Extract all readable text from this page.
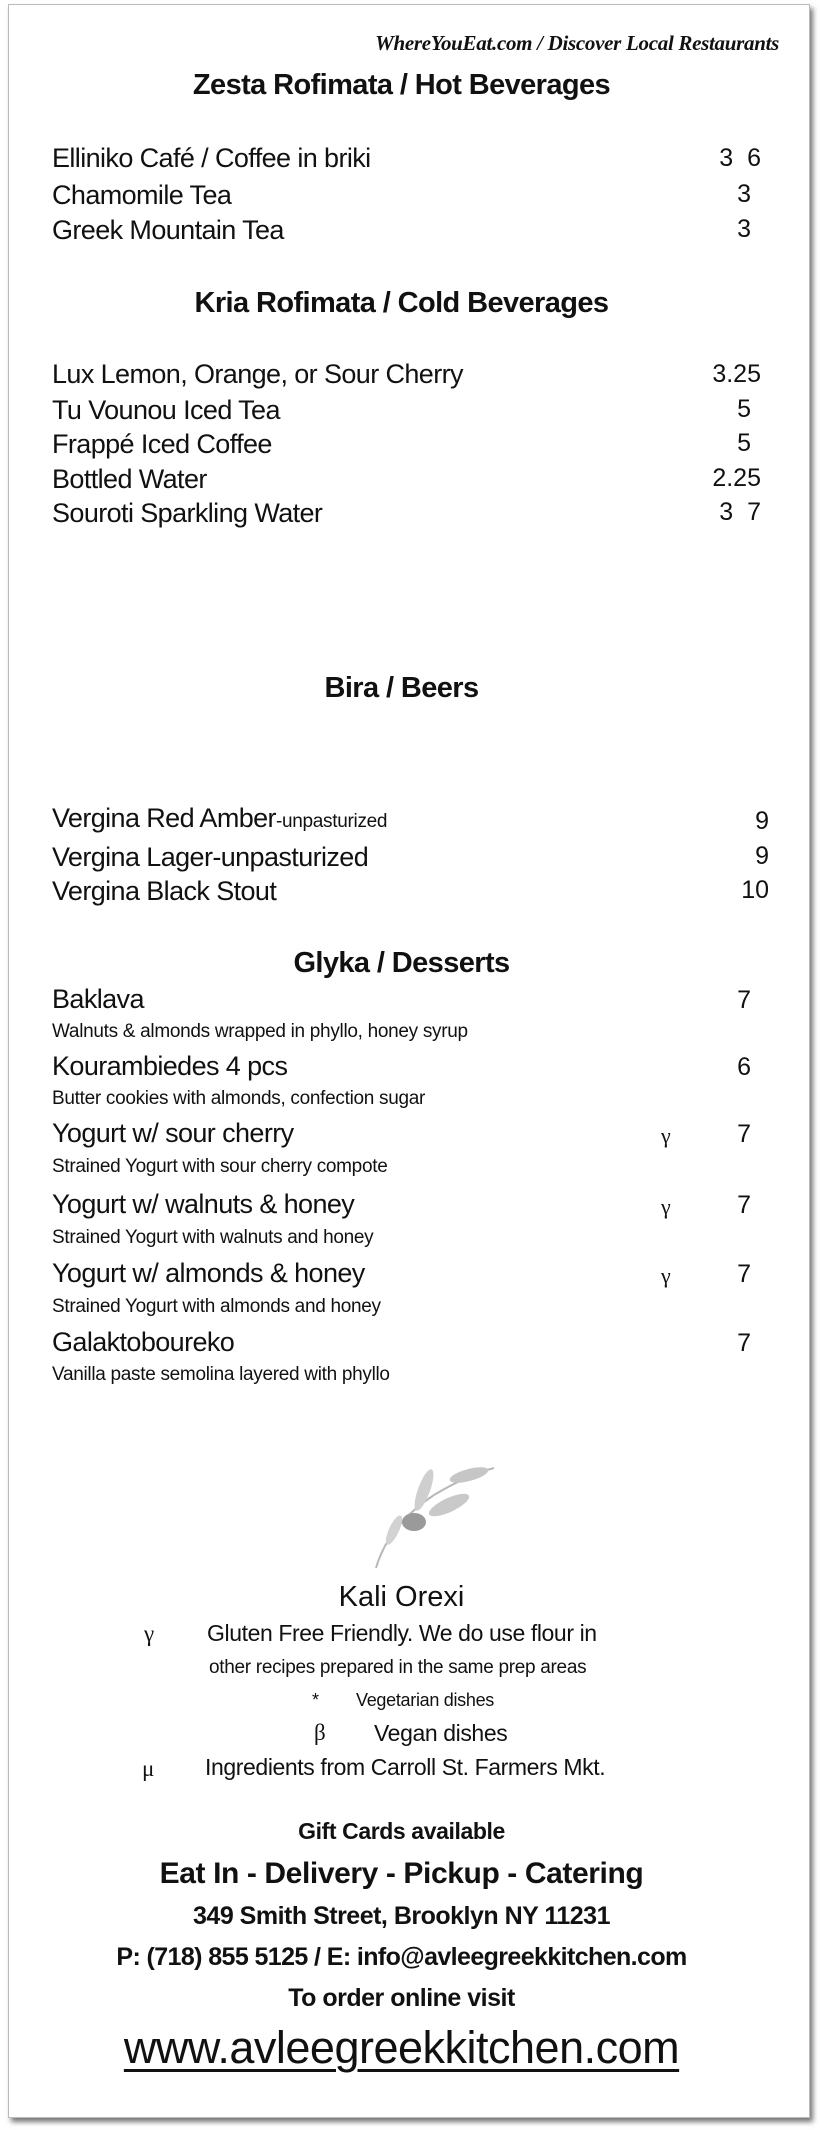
WhereYouEat.com / Discover Local Restaurants
Zesta Rofimata / Hot Beverages
Elliniko Café / Coffee in briki	3  6
Chamomile Tea	3
Greek Mountain Tea	3
Kria Rofimata / Cold Beverages
Lux Lemon, Orange, or Sour Cherry	3.25
Tu Vounou Iced Tea	5
Frappé Iced Coffee	5
Bottled Water	2.25
Souroti Sparkling Water	3  7
Bira / Beers
Vergina Red Amber-unpasturized	9
Vergina Lager-unpasturized	9
Vergina Black Stout	10
Glyka / Desserts
Baklava	7
Walnuts & almonds wrapped in phyllo, honey syrup
Kourambiedes 4 pcs	6
Butter cookies with almonds, confection sugar
Yogurt w/ sour cherry	γ	7
Strained Yogurt with sour cherry compote
Yogurt w/ walnuts & honey	γ	7
Strained Yogurt with walnuts and honey
Yogurt w/ almonds & honey	γ	7
Strained Yogurt with almonds and honey
Galaktoboureko	7
Vanilla paste semolina layered with phyllo
Kali Orexi
γ Gluten Free Friendly. We do use flour in
other recipes prepared in the same prep areas
* Vegetarian dishes
β Vegan dishes
μ Ingredients from Carroll St. Farmers Mkt.
Gift Cards available
Eat In - Delivery - Pickup - Catering
349 Smith Street, Brooklyn NY 11231
P: (718) 855 5125 / E: info@avleegreekkitchen.com
To order online visit
www.avleegreekkitchen.com
